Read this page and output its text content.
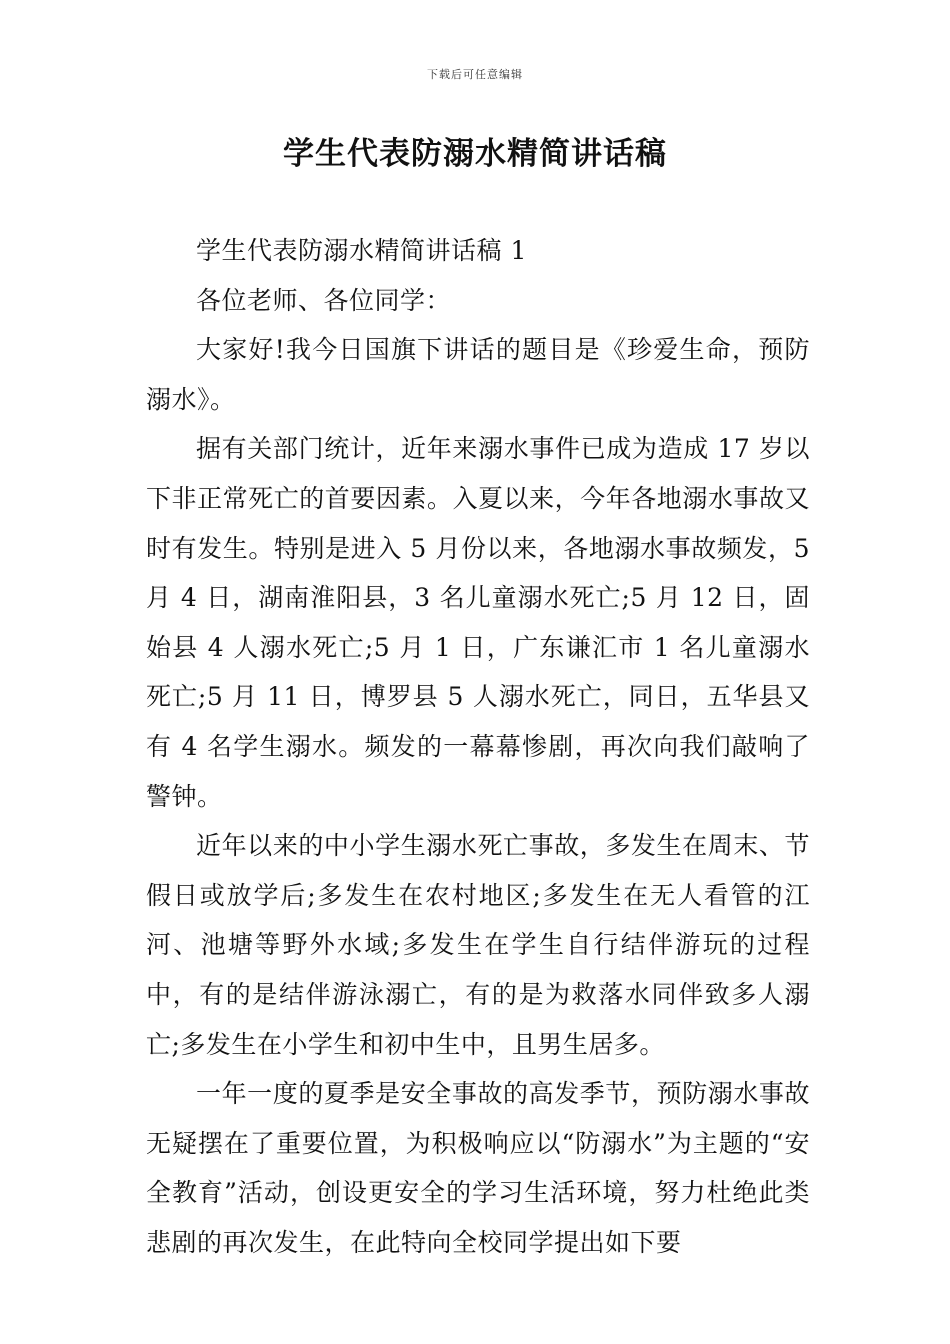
下载后可任意编辑
学生代表防溺水精简讲话稿

学生代表防溺水精简讲话稿 1

各位老师、各位同学：

大家好!我今日国旗下讲话的题目是《珍爱生命，预防溺水》。

据有关部门统计，近年来溺水事件已成为造成 17 岁以下非正常死亡的首要因素。入夏以来，今年各地溺水事故又时有发生。特别是进入 5 月份以来，各地溺水事故频发，5 月 4 日，湖南淮阳县，3 名儿童溺水死亡;5 月 12 日，固始县 4 人溺水死亡;5 月 1 日，广东谦汇市 1 名儿童溺水死亡;5 月 11 日，博罗县 5 人溺水死亡，同日，五华县又有 4 名学生溺水。频发的一幕幕惨剧，再次向我们敲响了警钟。

近年以来的中小学生溺水死亡事故，多发生在周末、节假日或放学后;多发生在农村地区;多发生在无人看管的江河、池塘等野外水域;多发生在学生自行结伴游玩的过程中，有的是结伴游泳溺亡，有的是为救落水同伴致多人溺亡;多发生在小学生和初中生中，且男生居多。

一年一度的夏季是安全事故的高发季节，预防溺水事故无疑摆在了重要位置，为积极响应以“防溺水”为主题的“安全教育”活动，创设更安全的学习生活环境，努力杜绝此类悲剧的再次发生，在此特向全校同学提出如下要
